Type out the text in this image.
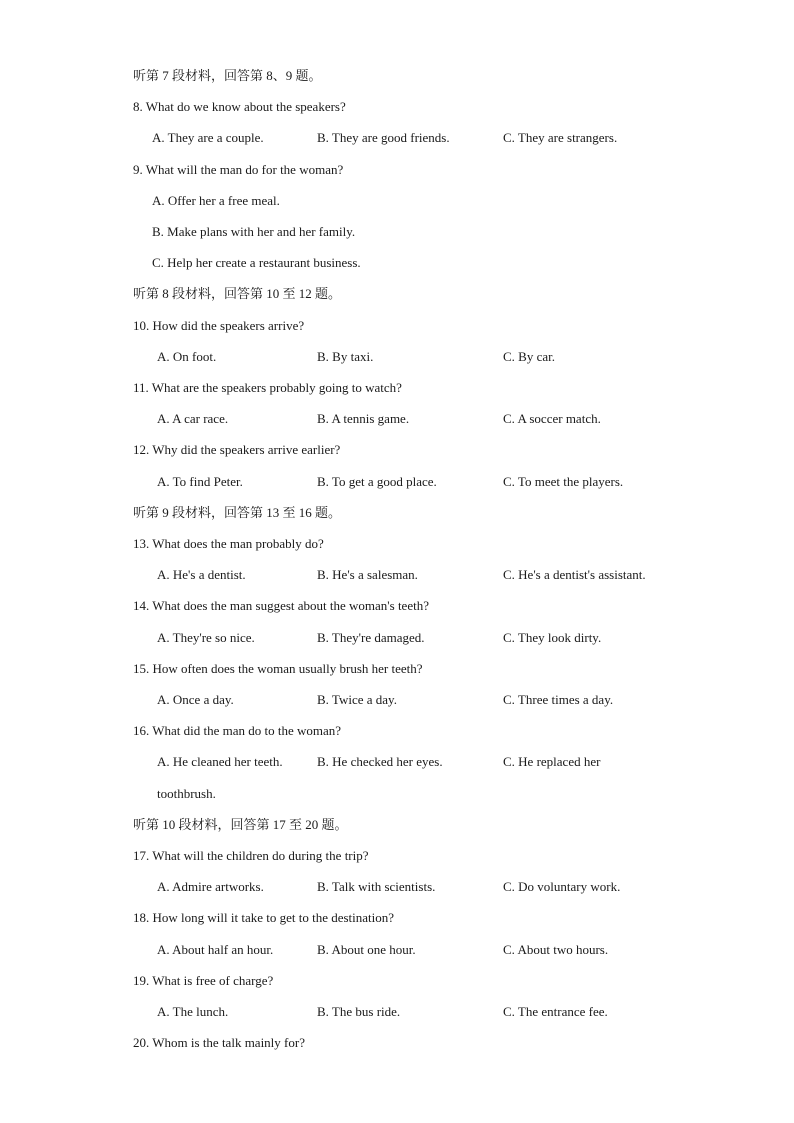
听第 7 段材料，回答第 8、9 题。
8. What do we know about the speakers?
A. They are a couple.	B. They are good friends.	C. They are strangers.
9. What will the man do for the woman?
A. Offer her a free meal.
B. Make plans with her and her family.
C. Help her create a restaurant business.
听第 8 段材料，回答第 10 至 12 题。
10. How did the speakers arrive?
A. On foot.	B. By taxi.	C. By car.
11. What are the speakers probably going to watch?
A. A car race.	B. A tennis game.	C. A soccer match.
12. Why did the speakers arrive earlier?
A. To find Peter.	B. To get a good place.	C. To meet the players.
听第 9 段材料，回答第 13 至 16 题。
13. What does the man probably do?
A. He's a dentist.	B. He's a salesman.	C. He's a dentist's assistant.
14. What does the man suggest about the woman's teeth?
A. They're so nice.	B. They're damaged.	C. They look dirty.
15. How often does the woman usually brush her teeth?
A. Once a day.	B. Twice a day.	C. Three times a day.
16. What did the man do to the woman?
A. He cleaned her teeth.	B. He checked her eyes.	C. He replaced her
toothbrush.
听第 10 段材料，回答第 17 至 20 题。
17. What will the children do during the trip?
A. Admire artworks.	B. Talk with scientists.	C. Do voluntary work.
18. How long will it take to get to the destination?
A. About half an hour.	B. About one hour.	C. About two hours.
19. What is free of charge?
A. The lunch.	B. The bus ride.	C. The entrance fee.
20. Whom is the talk mainly for?
